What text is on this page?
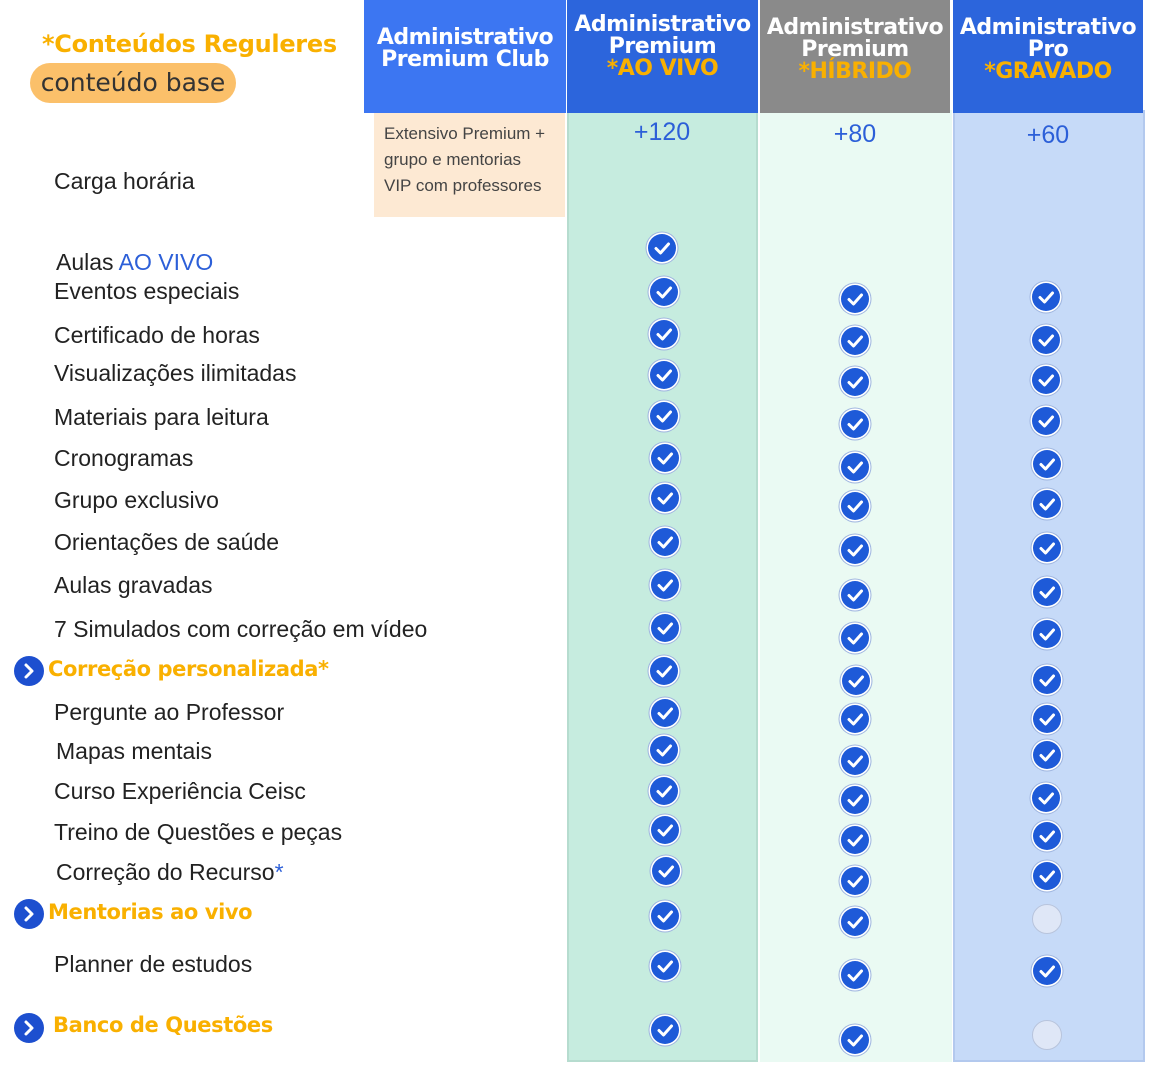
*Conteúdos Reguleres
conteúdo base
Administrativo
Premium Club
Administrativo
Premium
*AO VIVO
Administrativo
Premium
*HÍBRIDO
Administrativo
Pro
*GRAVADO
Extensivo Premium +
grupo e mentorias
VIP com professores
+120	+80	+60
Carga horária
Aulas AO VIVO
Eventos especiais
Certificado de horas
Visualizações ilimitadas
Materiais para leitura
Cronogramas
Grupo exclusivo
Orientações de saúde
Aulas gravadas
7 Simulados com correção em vídeo
Correção personalizada*
Pergunte ao Professor
Mapas mentais
Curso Experiência Ceisc
Treino de Questões e peças
Correção do Recurso*
Mentorias ao vivo
Planner de estudos
Banco de Questões
